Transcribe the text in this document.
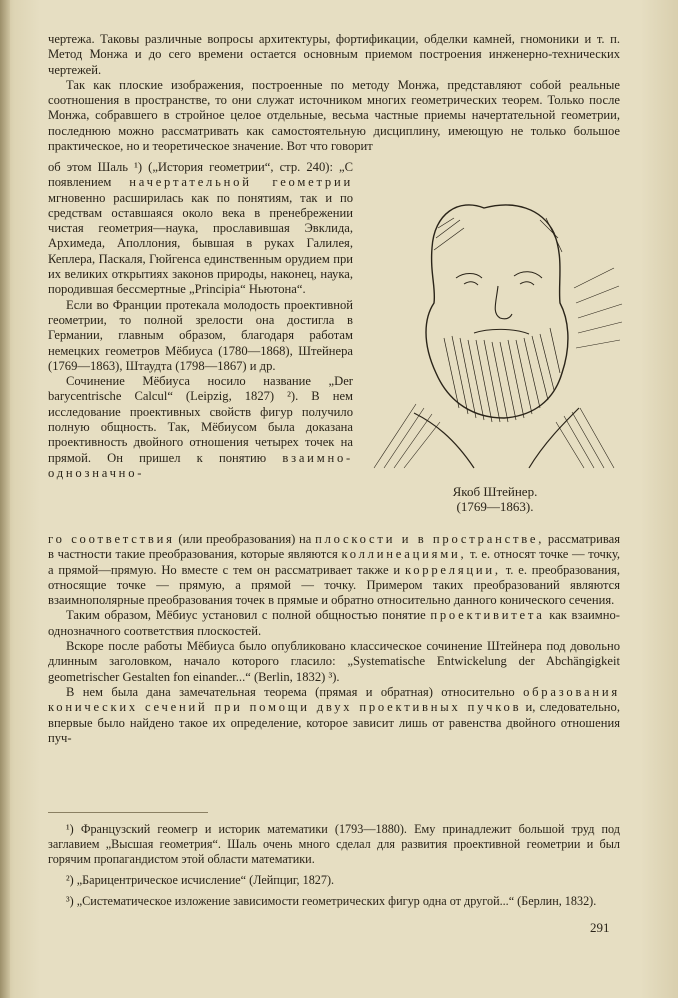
чертежа. Таковы различные вопросы архитектуры, фортификации, обделки камней, гномоники и т. п. Метод Монжа и до сего времени остается основным приемом построения инженерно-технических чертежей.

Так как плоские изображения, построенные по методу Монжа, представляют собой реальные соотношения в пространстве, то они служат источником многих геометрических теорем. Только после Монжа, собравшего в стройное целое отдельные, весьма частные приемы начертательной геометрии, последнюю можно рассматривать как самостоятельную дисциплину, имеющую не только большое практическое, но и теоретическое значение. Вот что говорит

об этом Шаль ¹) („История геометрии“, стр. 240): „С появлением начертательной геометрии мгновенно расширилась как по понятиям, так и по средствам оставшаяся около века в пренебрежении чистая геометрия—наука, прославившая Эвклида, Архимеда, Аполлония, бывшая в руках Галилея, Кеплера, Паскаля, Гюйгенса единственным орудием при их великих открытиях законов природы, наконец, наука, породившая бессмертные „Principia“ Ньютона“.

Если во Франции протекала молодость проективной геометрии, то полной зрелости она достигла в Германии, главным образом, благодаря работам немецких геометров Мёбиуса (1780—1868), Штейнера (1769—1863), Штаудта (1798—1867) и др.

Сочинение Мёбиуса носило название „Der barycentrische Calcul“ (Leipzig, 1827) ²). В нем исследование проективных свойств фигур получило полную общность. Так, Мёбиусом была доказана проективность двойного отношения четырех точек на прямой. Он пришел к понятию взаимно-однозначно-

Якоб Штейнер.
(1769—1863).

го соответствия (или преобразования) на плоскости и в пространстве, рассматривая в частности такие преобразования, которые являются коллинеациями, т. е. относят точке — точку, а прямой—прямую. Но вместе с тем он рассматривает также и корреляции, т. е. преобразования, относящие точке — прямую, а прямой — точку. Примером таких преобразований являются взаимнополярные преобразования точек в прямые и обратно относительно данного конического сечения.

Таким образом, Мёбиус установил с полной общностью понятие проективитета как взаимно-однозначного соответствия плоскостей.

Вскоре после работы Мёбиуса было опубликовано классическое сочинение Штейнера под довольно длинным заголовком, начало которого гласило: „Systematische Entwickelung der Abchängigkeit geometrischer Gestalten fon einander...“ (Berlin, 1832) ³).

В нем была дана замечательная теорема (прямая и обратная) относительно образования конических сечений при помощи двух проективных пучков и, следовательно, впервые было найдено такое их определение, которое зависит лишь от равенства двойного отношения пуч-

¹) Французский геомегр и историк математики (1793—1880). Ему принадлежит большой труд под заглавием „Высшая геометрия“. Шаль очень много сделал для развития проективной геометрии и был горячим пропагандистом этой области математики.

²) „Барицентрическое исчисление“ (Лейпциг, 1827).

³) „Систематическое изложение зависимости геометрических фигур одна от другой...“ (Берлин, 1832).

291
